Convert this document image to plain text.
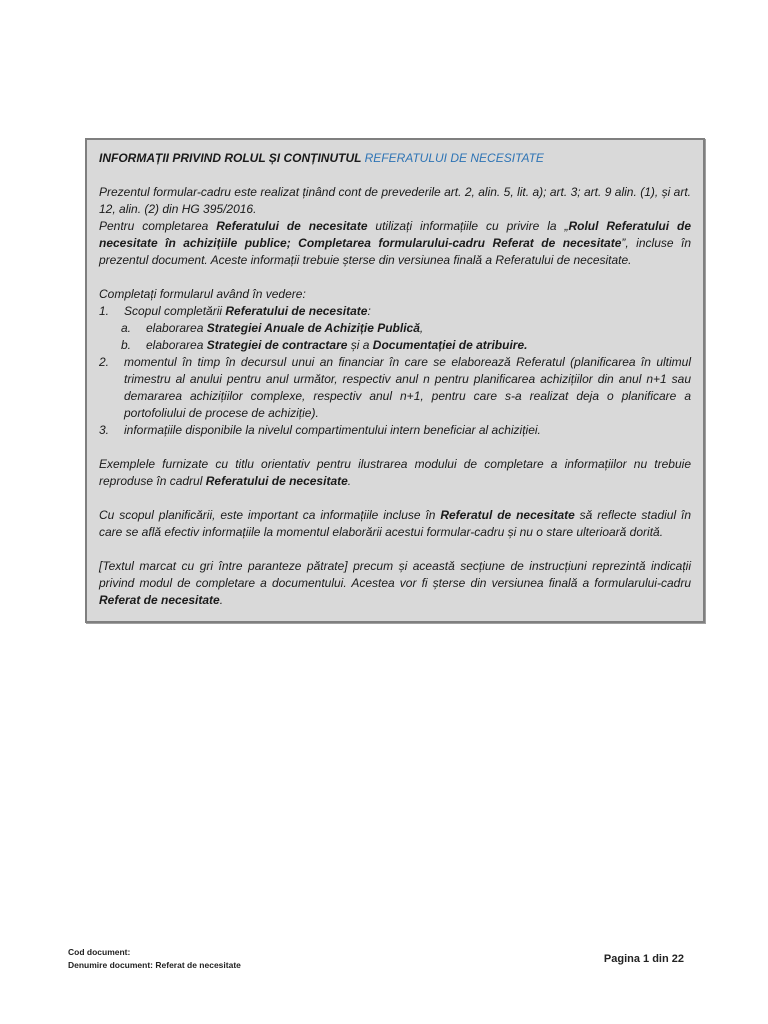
INFORMAȚII PRIVIND ROLUL ȘI CONȚINUTUL REFERATULUI DE NECESITATE

Prezentul formular-cadru este realizat ținând cont de prevederile art. 2, alin. 5, lit. a); art. 3; art. 9 alin. (1), și art. 12, alin. (2) din HG 395/2016.

Pentru completarea Referatului de necesitate utilizați informațiile cu privire la „Rolul Referatului de necesitate în achizițiile publice; Completarea formularului-cadru Referat de necesitate”, incluse în prezentul document. Aceste informații trebuie șterse din versiunea finală a Referatului de necesitate.

Completați formularul având în vedere:

1. Scopul completării Referatului de necesitate:
a. elaborarea Strategiei Anuale de Achiziție Publică,
b. elaborarea Strategiei de contractare și a Documentației de atribuire.
2. momentul în timp în decursul unui an financiar în care se elaborează Referatul (planificarea în ultimul trimestru al anului pentru anul următor, respectiv anul n pentru planificarea achizițiilor din anul n+1 sau demararea achizițiilor complexe, respectiv anul n+1, pentru care s-a realizat deja o planificare a portofoliului de procese de achiziție).
3. informațiile disponibile la nivelul compartimentului intern beneficiar al achiziției.

Exemplele furnizate cu titlu orientativ pentru ilustrarea modului de completare a informațiilor nu trebuie reproduse în cadrul Referatului de necesitate.

Cu scopul planificării, este important ca informațiile incluse în Referatul de necesitate să reflecte stadiul în care se află efectiv informațiile la momentul elaborării acestui formular-cadru și nu o stare ulterioară dorită.

[Textul marcat cu gri între paranteze pătrate] precum și această secțiune de instrucțiuni reprezintă indicații privind modul de completare a documentului. Acestea vor fi șterse din versiunea finală a formularului-cadru Referat de necesitate.

Cod document:
Denumire document: Referat de necesitate	Pagina 1 din 22
